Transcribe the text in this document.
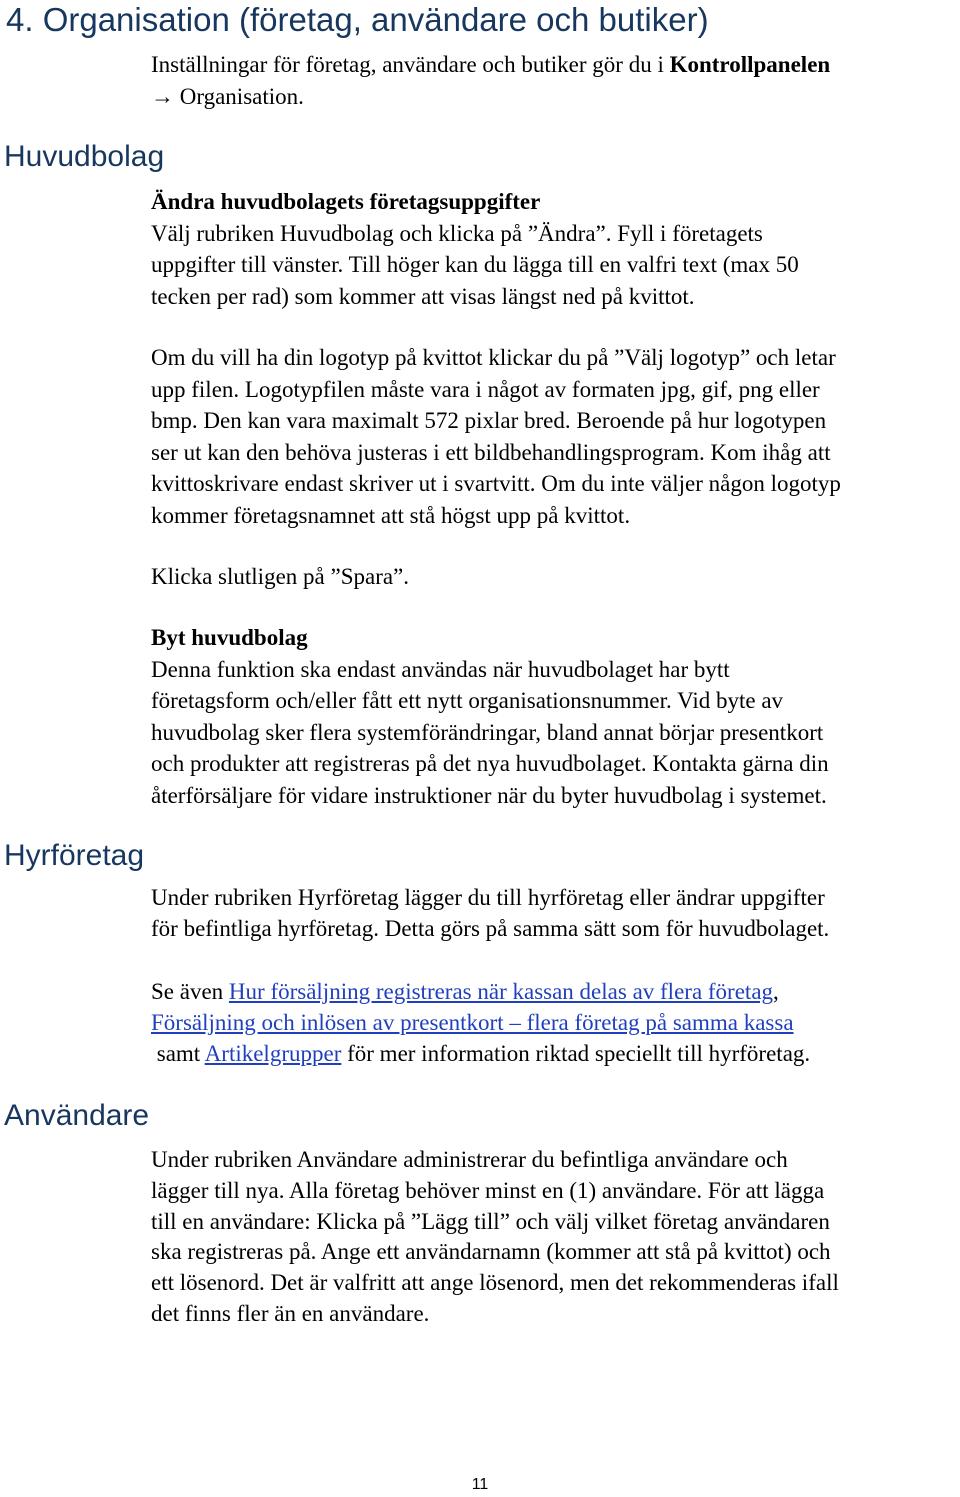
4. Organisation (företag, användare och butiker)
Inställningar för företag, användare och butiker gör du i Kontrollpanelen
→ Organisation.
Huvudbolag
Ändra huvudbolagets företagsuppgifter
Välj rubriken Huvudbolag och klicka på ”Ändra”. Fyll i företagets
uppgifter till vänster. Till höger kan du lägga till en valfri text (max 50
tecken per rad) som kommer att visas längst ned på kvittot.
Om du vill ha din logotyp på kvittot klickar du på ”Välj logotyp” och letar
upp filen. Logotypfilen måste vara i något av formaten jpg, gif, png eller
bmp. Den kan vara maximalt 572 pixlar bred. Beroende på hur logotypen
ser ut kan den behöva justeras i ett bildbehandlingsprogram. Kom ihåg att
kvittoskrivare endast skriver ut i svartvitt. Om du inte väljer någon logotyp
kommer företagsnamnet att stå högst upp på kvittot.
Klicka slutligen på ”Spara”.
Byt huvudbolag
Denna funktion ska endast användas när huvudbolaget har bytt
företagsform och/eller fått ett nytt organisationsnummer. Vid byte av
huvudbolag sker flera systemförändringar, bland annat börjar presentkort
och produkter att registreras på det nya huvudbolaget. Kontakta gärna din
återförsäljare för vidare instruktioner när du byter huvudbolag i systemet.
Hyrföretag
Under rubriken Hyrföretag lägger du till hyrföretag eller ändrar uppgifter
för befintliga hyrföretag. Detta görs på samma sätt som för huvudbolaget.
Se även Hur försäljning registreras när kassan delas av flera företag,
Försäljning och inlösen av presentkort – flera företag på samma kassa
samt Artikelgrupper för mer information riktad speciellt till hyrföretag.
Användare
Under rubriken Användare administrerar du befintliga användare och
lägger till nya. Alla företag behöver minst en (1) användare. För att lägga
till en användare: Klicka på ”Lägg till” och välj vilket företag användaren
ska registreras på. Ange ett användarnamn (kommer att stå på kvittot) och
ett lösenord. Det är valfritt att ange lösenord, men det rekommenderas ifall
det finns fler än en användare.
11
